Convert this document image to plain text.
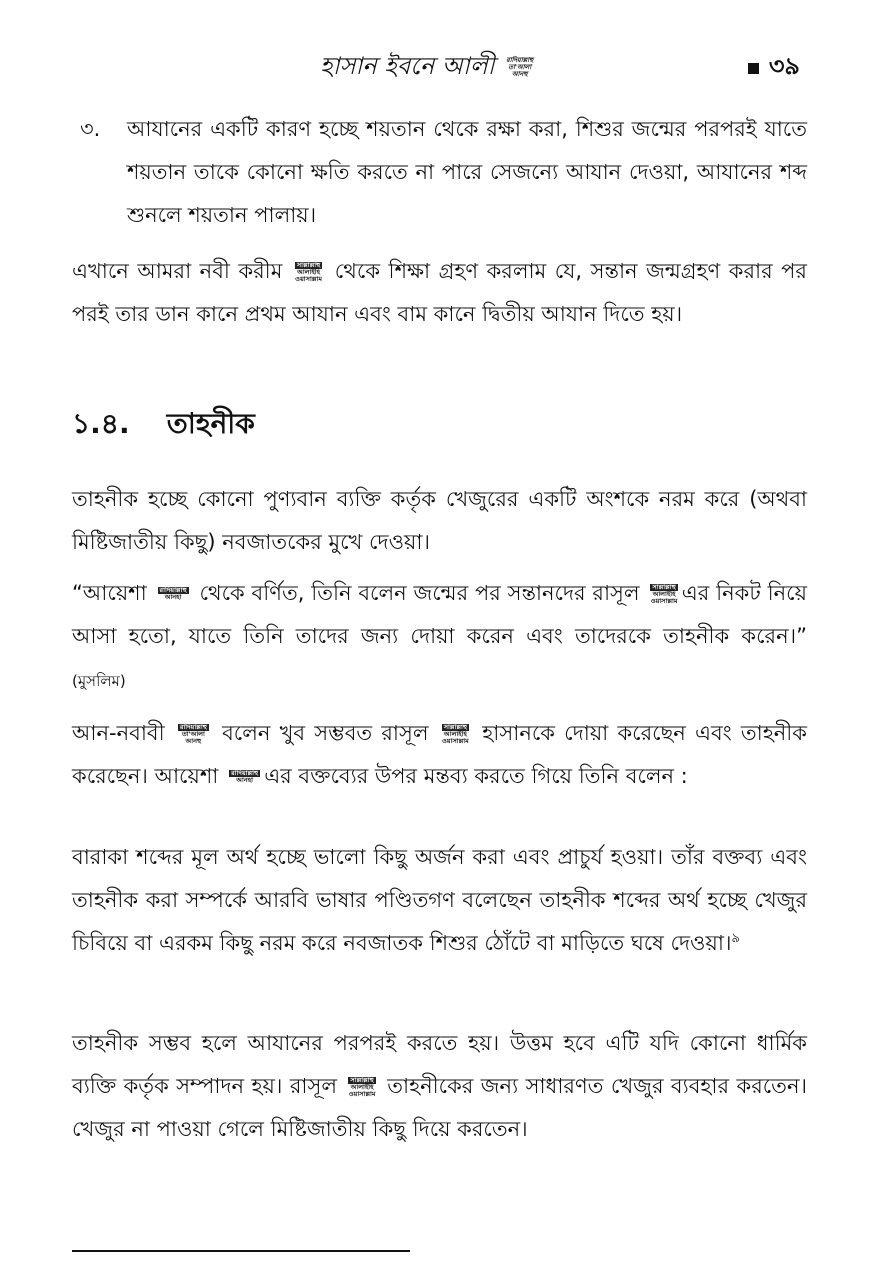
হাসান ইবনে আলী রাদিয়াল্লাহু
তা'আলা
আনহু	৩৯
৩. আযানের একটি কারণ হচ্ছে শয়তান থেকে রক্ষা করা, শিশুর জন্মের পরপরই যাতে শয়তান তাকে কোনো ক্ষতি করতে না পারে সেজন্যে আযান দেওয়া, আযানের শব্দ শুনলে শয়তান পালায়।
এখানে আমরা নবী করীম	সাল্লাল্লাহু
আলাইহি
ওয়াসাল্লাম থেকে শিক্ষা গ্রহণ করলাম যে, সন্তান জন্মগ্রহণ করার পর পরই তার ডান কানে প্রথম আযান এবং বাম কানে দ্বিতীয় আযান দিতে হয়।
১.৪. তাহনীক
তাহনীক হচ্ছে কোনো পুণ্যবান ব্যক্তি কর্তৃক খেজুরের একটি অংশকে নরম করে (অথবা মিষ্টিজাতীয় কিছু) নবজাতকের মুখে দেওয়া।
“আয়েশা	রাদিয়াল্লাহু
আনহা থেকে বর্ণিত, তিনি বলেন জন্মের পর সন্তানদের রাসূল	সাল্লাল্লাহু
আলাইহি
ওয়াসাল্লাম এর নিকট নিয়ে আসা হতো, যাতে তিনি তাদের জন্য দোয়া করেন এবং তাদেরকে তাহনীক করেন।” (মুসলিম)
আন-নবাবী	রাদিয়াল্লাহু
তা'আলা
আনহু বলেন খুব সম্ভবত রাসূল	সাল্লাল্লাহু
আলাইহি
ওয়াসাল্লাম হাসানকে দোয়া করেছেন এবং তাহনীক করেছেন। আয়েশা	রাদিয়াল্লাহু
আনহা এর বক্তব্যের উপর মন্তব্য করতে গিয়ে তিনি বলেন :
বারাকা শব্দের মূল অর্থ হচ্ছে ভালো কিছু অর্জন করা এবং প্রাচুর্য হওয়া। তাঁর বক্তব্য এবং তাহনীক করা সম্পর্কে আরবি ভাষার পণ্ডিতগণ বলেছেন তাহনীক শব্দের অর্থ হচ্ছে খেজুর চিবিয়ে বা এরকম কিছু নরম করে নবজাতক শিশুর ঠোঁটে বা মাড়িতে ঘষে দেওয়া।$^৯$
তাহনীক সম্ভব হলে আযানের পরপরই করতে হয়। উত্তম হবে এটি যদি কোনো ধার্মিক ব্যক্তি কর্তৃক সম্পাদন হয়। রাসূল	সাল্লাল্লাহু
আলাইহি
ওয়াসাল্লাম তাহনীকের জন্য সাধারণত খেজুর ব্যবহার করতেন। খেজুর না পাওয়া গেলে মিষ্টিজাতীয় কিছু দিয়ে করতেন।
